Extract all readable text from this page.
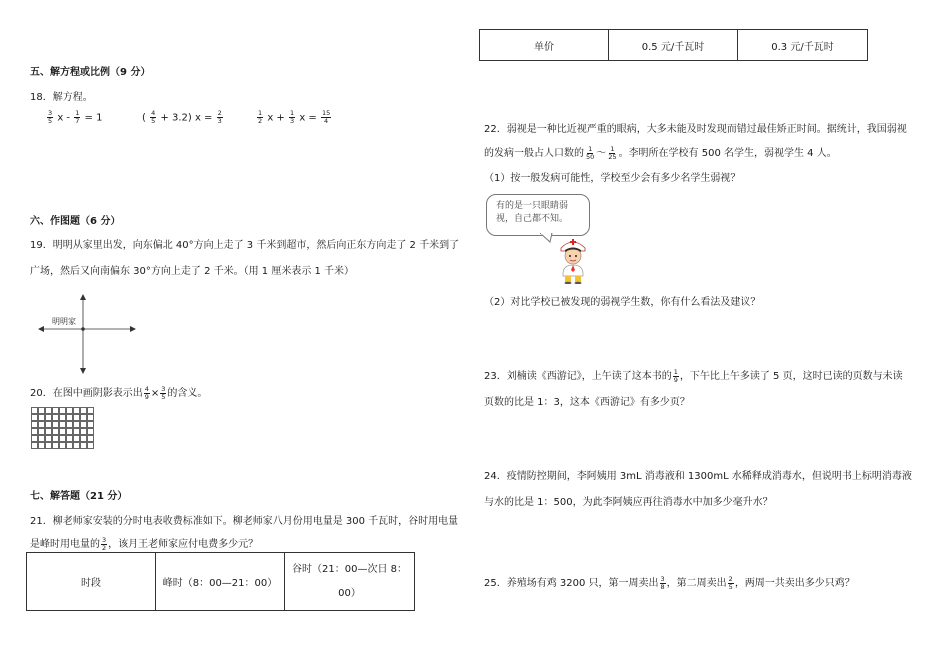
五、解方程或比例（9 分）
18．解方程。
$\frac{3}{5}$ $x - \frac{1}{7} = 1$	( $\frac{4}{5} + 3.2$) $x = \frac{2}{3}$	$\frac{1}{2}$ $x + \frac{1}{3}$ $x = \frac{15}{4}$
六、作图题（6 分）
19．明明从家里出发，向东偏北 40°方向上走了 3 千米到超市，然后向正东方向走了 2 千米到了
广场，然后又向南偏东 30°方向上走了 2 千米。（用 1 厘米表示 1 千米）
明明家
20．在图中画阴影表示出 $\frac{4}{9} \times \frac{3}{5}$ 的含义。
七、解答题（21 分）
21．柳老师家安装的分时电表收费标准如下。柳老师家八月份用电量是 300 千瓦时，谷时用电量
是峰时用电量的 $\frac{3}{2}$ ，该月王老师家应付电费多少元？
时段	峰时（8：00—21：00）	谷时（21：00—次日 8：
00）
单价	0.5 元/千瓦时	0.3 元/千瓦时
22．弱视是一种比近视严重的眼病，大多未能及时发现而错过最佳矫正时间。据统计，我国弱视
的发病一般占人口数的 $\frac{1}{50}$ ～ $\frac{1}{25}$ 。李明所在学校有 500 名学生，弱视学生 4 人。
（1）按一般发病可能性，学校至少会有多少名学生弱视？
有的是一只眼睛弱视，自己都不知。
（2）对比学校已被发现的弱视学生数，你有什么看法及建议？
23．刘楠读《西游记》，上午读了这本书的 $\frac{1}{9}$ ，下午比上午多读了 5 页，这时已读的页数与未读
页数的比是 1：3，这本《西游记》有多少页？
24．疫情防控期间，李阿姨用 3mL 消毒液和 1300mL 水稀释成消毒水，但说明书上标明消毒液
与水的比是 1：500，为此李阿姨应再往消毒水中加多少毫升水？
25．养殖场有鸡 3200 只，第一周卖出 $\frac{3}{8}$ ，第二周卖出 $\frac{2}{5}$ ，两周一共卖出多少只鸡？
